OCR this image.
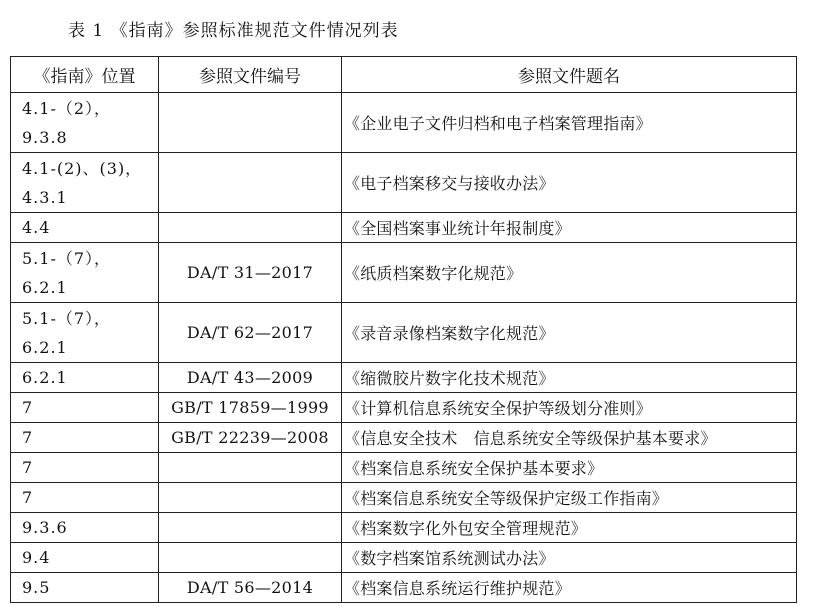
表 1 《指南》参照标准规范文件情况列表
《指南》位置	参照文件编号	参照文件题名

4.1-（2），
9.3.8		《企业电子文件归档和电子档案管理指南》

4.1-(2)、(3)，
4.3.1		《电子档案移交与接收办法》

4.4		《全国档案事业统计年报制度》

5.1-（7），
6.2.1	DA/T 31—2017	《纸质档案数字化规范》

5.1-（7），
6.2.1	DA/T 62—2017	《录音录像档案数字化规范》

6.2.1	DA/T 43—2009	《缩微胶片数字化技术规范》

7	GB/T 17859—1999	《计算机信息系统安全保护等级划分准则》

7	GB/T 22239—2008	《信息安全技术　信息系统安全等级保护基本要求》

7		《档案信息系统安全保护基本要求》

7		《档案信息系统安全等级保护定级工作指南》

9.3.6		《档案数字化外包安全管理规范》

9.4		《数字档案馆系统测试办法》

9.5	DA/T 56—2014	《档案信息系统运行维护规范》
